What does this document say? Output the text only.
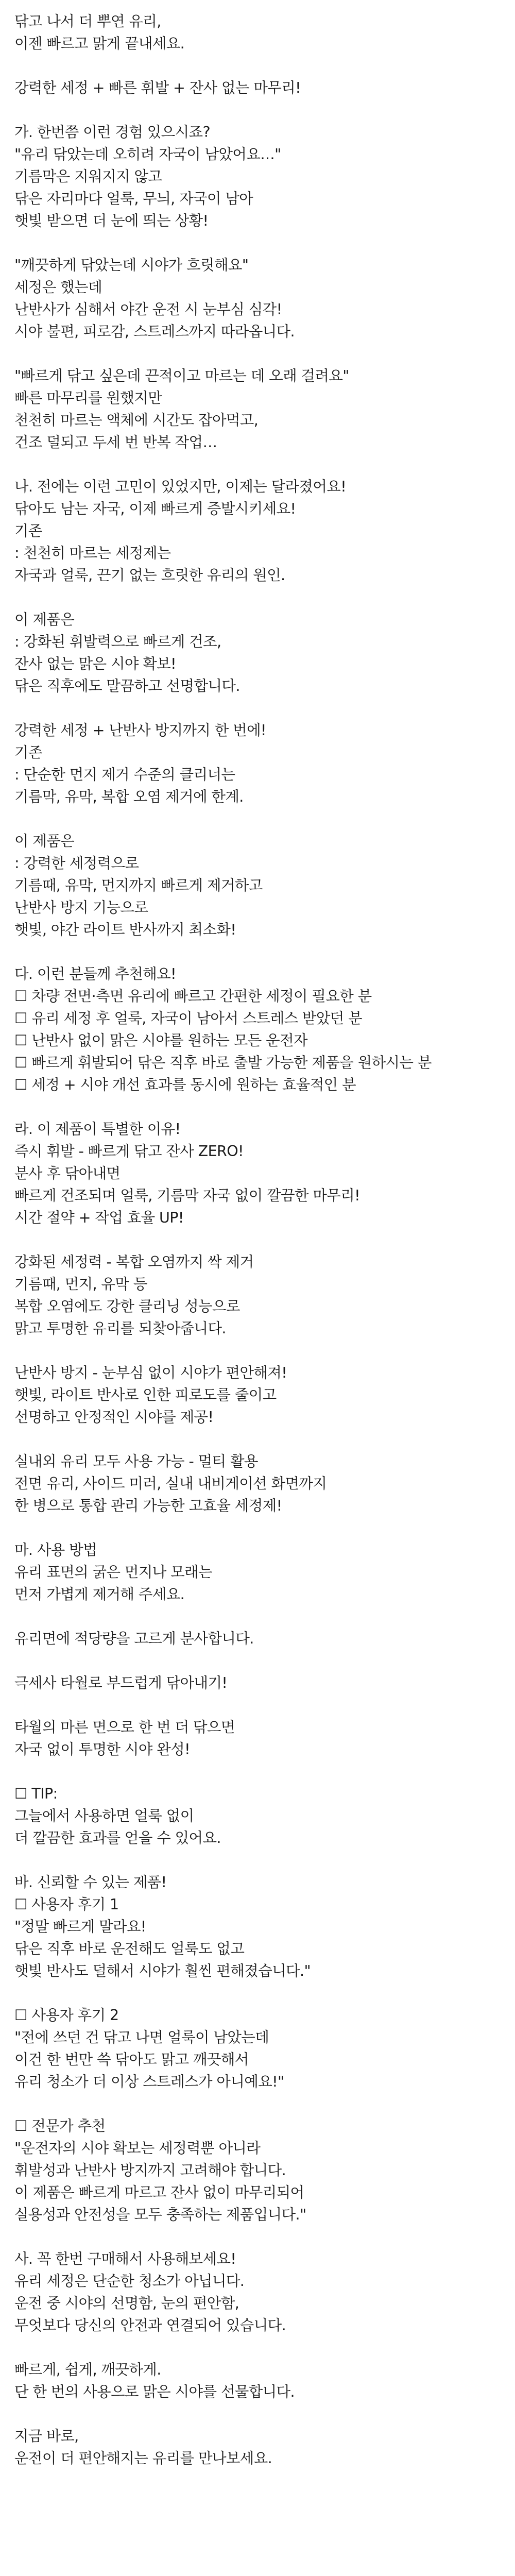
닦고 나서 더 뿌연 유리,
이젠 빠르고 맑게 끝내세요.
강력한 세정 + 빠른 휘발 + 잔사 없는 마무리!
가. 한번쯤 이런 경험 있으시죠?
"유리 닦았는데 오히려 자국이 남았어요…"
기름막은 지워지지 않고
닦은 자리마다 얼룩, 무늬, 자국이 남아
햇빛 받으면 더 눈에 띄는 상황!
"깨끗하게 닦았는데 시야가 흐릿해요"
세정은 했는데
난반사가 심해서 야간 운전 시 눈부심 심각!
시야 불편, 피로감, 스트레스까지 따라옵니다.
"빠르게 닦고 싶은데 끈적이고 마르는 데 오래 걸려요"
빠른 마무리를 원했지만
천천히 마르는 액체에 시간도 잡아먹고,
건조 덜되고 두세 번 반복 작업…
나. 전에는 이런 고민이 있었지만, 이제는 달라졌어요!
닦아도 남는 자국, 이제 빠르게 증발시키세요!
기존
: 천천히 마르는 세정제는
자국과 얼룩, 끈기 없는 흐릿한 유리의 원인.
이 제품은
: 강화된 휘발력으로 빠르게 건조,
잔사 없는 맑은 시야 확보!
닦은 직후에도 말끔하고 선명합니다.
강력한 세정 + 난반사 방지까지 한 번에!
기존
: 단순한 먼지 제거 수준의 클리너는
기름막, 유막, 복합 오염 제거에 한계.
이 제품은
: 강력한 세정력으로
기름때, 유막, 먼지까지 빠르게 제거하고
난반사 방지 기능으로
햇빛, 야간 라이트 반사까지 최소화!
다. 이런 분들께 추천해요!
☐ 차량 전면·측면 유리에 빠르고 간편한 세정이 필요한 분
☐ 유리 세정 후 얼룩, 자국이 남아서 스트레스 받았던 분
☐ 난반사 없이 맑은 시야를 원하는 모든 운전자
☐ 빠르게 휘발되어 닦은 직후 바로 출발 가능한 제품을 원하시는 분
☐ 세정 + 시야 개선 효과를 동시에 원하는 효율적인 분
라. 이 제품이 특별한 이유!
즉시 휘발 - 빠르게 닦고 잔사 ZERO!
분사 후 닦아내면
빠르게 건조되며 얼룩, 기름막 자국 없이 깔끔한 마무리!
시간 절약 + 작업 효율 UP!
강화된 세정력 - 복합 오염까지 싹 제거
기름때, 먼지, 유막 등
복합 오염에도 강한 클리닝 성능으로
맑고 투명한 유리를 되찾아줍니다.
난반사 방지 - 눈부심 없이 시야가 편안해져!
햇빛, 라이트 반사로 인한 피로도를 줄이고
선명하고 안정적인 시야를 제공!
실내외 유리 모두 사용 가능 - 멀티 활용
전면 유리, 사이드 미러, 실내 내비게이션 화면까지
한 병으로 통합 관리 가능한 고효율 세정제!
마. 사용 방법
유리 표면의 굵은 먼지나 모래는
먼저 가볍게 제거해 주세요.
유리면에 적당량을 고르게 분사합니다.
극세사 타월로 부드럽게 닦아내기!
타월의 마른 면으로 한 번 더 닦으면
자국 없이 투명한 시야 완성!
☐ TIP:
그늘에서 사용하면 얼룩 없이
더 깔끔한 효과를 얻을 수 있어요.
바. 신뢰할 수 있는 제품!
☐ 사용자 후기 1
"정말 빠르게 말라요!
닦은 직후 바로 운전해도 얼룩도 없고
햇빛 반사도 덜해서 시야가 훨씬 편해졌습니다."
☐ 사용자 후기 2
"전에 쓰던 건 닦고 나면 얼룩이 남았는데
이건 한 번만 쓱 닦아도 맑고 깨끗해서
유리 청소가 더 이상 스트레스가 아니예요!"
☐ 전문가 추천
"운전자의 시야 확보는 세정력뿐 아니라
휘발성과 난반사 방지까지 고려해야 합니다.
이 제품은 빠르게 마르고 잔사 없이 마무리되어
실용성과 안전성을 모두 충족하는 제품입니다."
사. 꼭 한번 구매해서 사용해보세요!
유리 세정은 단순한 청소가 아닙니다.
운전 중 시야의 선명함, 눈의 편안함,
무엇보다 당신의 안전과 연결되어 있습니다.
빠르게, 쉽게, 깨끗하게.
단 한 번의 사용으로 맑은 시야를 선물합니다.
지금 바로,
운전이 더 편안해지는 유리를 만나보세요.
